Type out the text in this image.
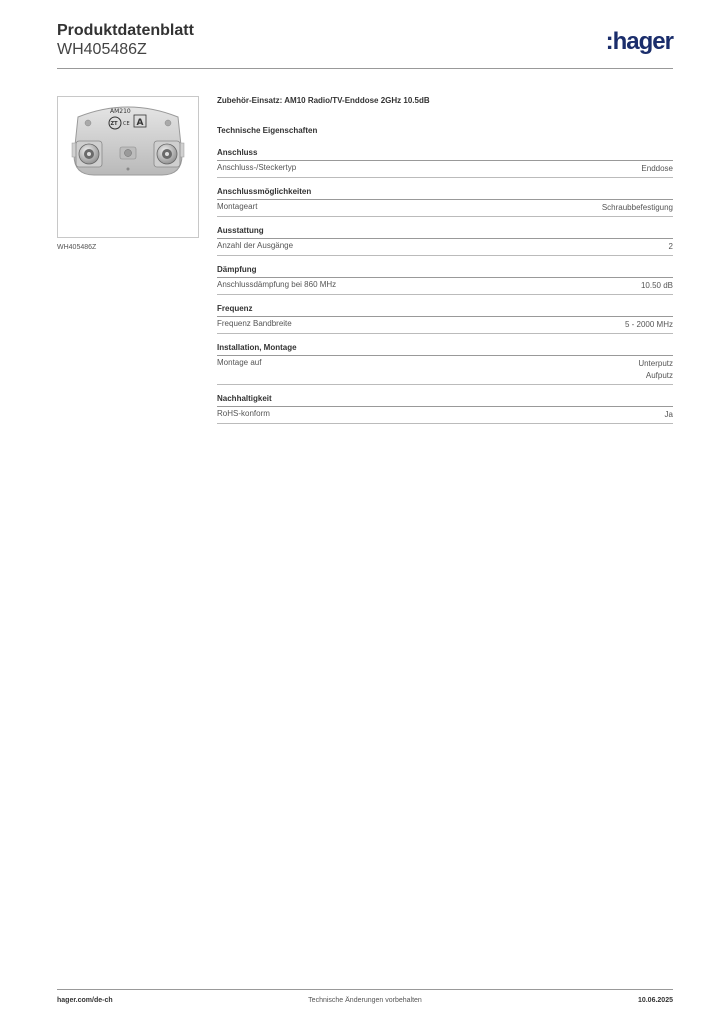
Produktdatenblatt

WH405486Z	:hager
AM210
ZT CE A
WH405486Z

Zubehör-Einsatz: AM10 Radio/TV-Enddose 2GHz 10.5dB

Technische Eigenschaften

Anschluss
Anschluss-/Steckertyp	Enddose
Anschlussmöglichkeiten
Montageart	Schraubbefestigung
Ausstattung
Anzahl der Ausgänge	2
Dämpfung
Anschlussdämpfung bei 860 MHz	10.50 dB
Frequenz
Frequenz Bandbreite	5 - 2000 MHz
Installation, Montage
Montage auf	Unterputz
Aufputz
Nachhaltigkeit
RoHS-konform	Ja
hager.com/de-ch	Technische Änderungen vorbehalten	10.06.2025
